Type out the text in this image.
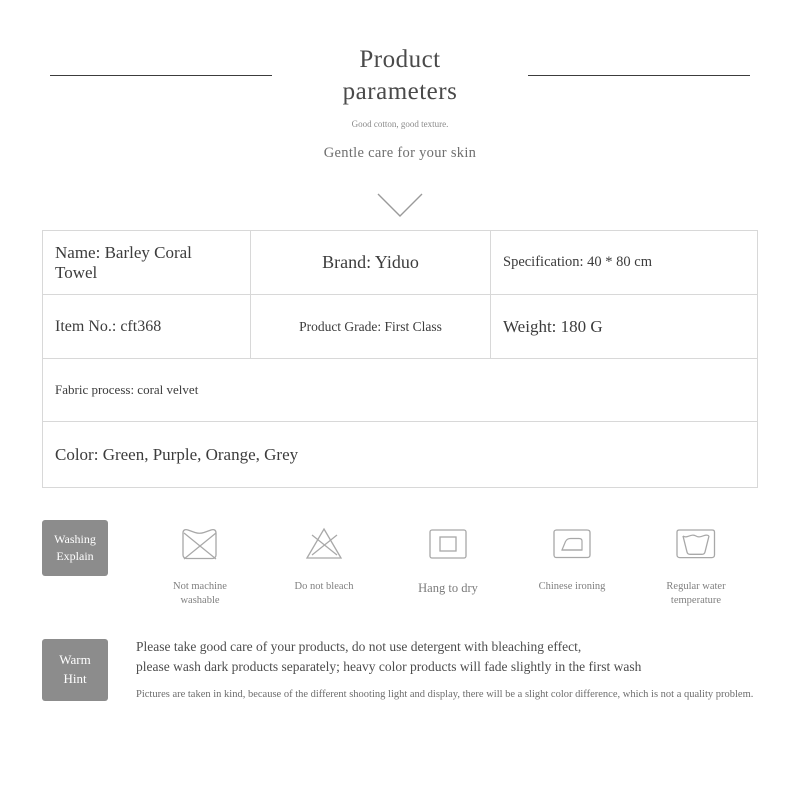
Product
parameters
Good cotton, good texture.
Gentle care for your skin
Name: Barley Coral Towel	Brand: Yiduo	Specification: 40 * 80 cm
Item No.: cft368	Product Grade: First Class	Weight: 180 G
Fabric process: coral velvet
Color: Green, Purple, Orange, Grey
Washing
Explain
Not machine washable
Do not bleach	Hang to dry	Chinese ironing	Regular water temperature
Warm
Hint
Please take good care of your products, do not use detergent with bleaching effect,
please wash dark products separately; heavy color products will fade slightly in the first wash
Pictures are taken in kind, because of the different shooting light and display, there will be a slight color difference, which is not a quality problem.
